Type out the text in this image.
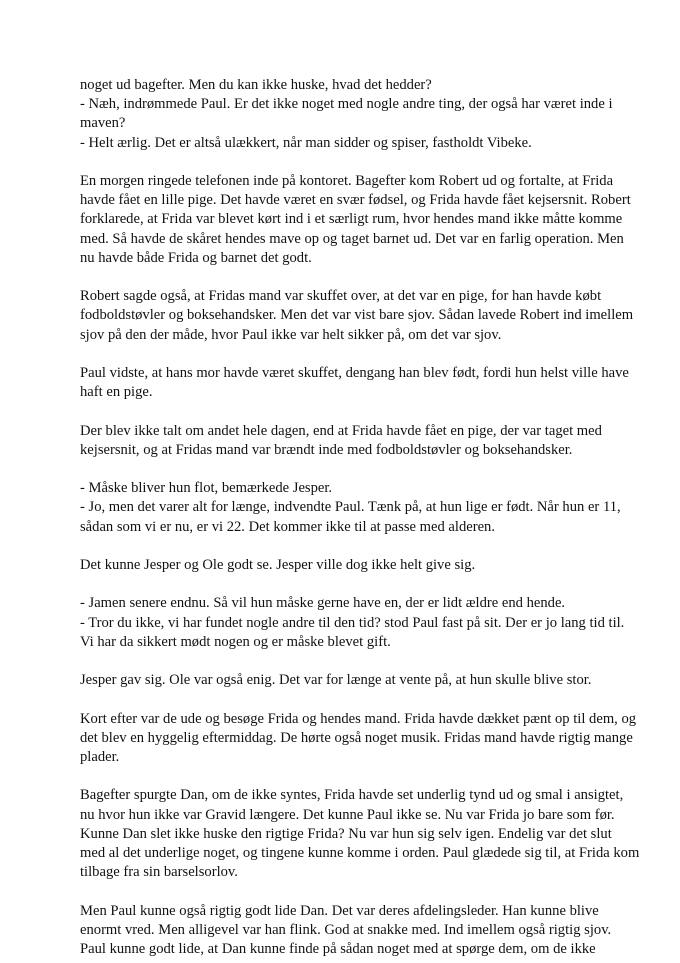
noget ud bagefter. Men du kan ikke huske, hvad det hedder?
- Næh, indrømmede Paul. Er det ikke noget med nogle andre ting, der også har været inde i
maven?
- Helt ærlig. Det er altså ulækkert, når man sidder og spiser, fastholdt Vibeke.

En morgen ringede telefonen inde på kontoret. Bagefter kom Robert ud og fortalte, at Frida
havde fået en lille pige. Det havde været en svær fødsel, og Frida havde fået kejsersnit. Robert
forklarede, at Frida var blevet kørt ind i et særligt rum, hvor hendes mand ikke måtte komme
med. Så havde de skåret hendes mave op og taget barnet ud. Det var en farlig operation. Men
nu havde både Frida og barnet det godt.

Robert sagde også, at Fridas mand var skuffet over, at det var en pige, for han havde købt
fodboldstøvler og boksehandsker. Men det var vist bare sjov. Sådan lavede Robert ind imellem
sjov på den der måde, hvor Paul ikke var helt sikker på, om det var sjov.

Paul vidste, at hans mor havde været skuffet, dengang han blev født, fordi hun helst ville have
haft en pige.

Der blev ikke talt om andet hele dagen, end at Frida havde fået en pige, der var taget med
kejsersnit, og at Fridas mand var brændt inde med fodboldstøvler og boksehandsker.

- Måske bliver hun flot, bemærkede Jesper.
- Jo, men det varer alt for længe, indvendte Paul. Tænk på, at hun lige er født. Når hun er 11,
sådan som vi er nu, er vi 22. Det kommer ikke til at passe med alderen.

Det kunne Jesper og Ole godt se. Jesper ville dog ikke helt give sig.

- Jamen senere endnu. Så vil hun måske gerne have en, der er lidt ældre end hende.
- Tror du ikke, vi har fundet nogle andre til den tid? stod Paul fast på sit. Der er jo lang tid til.
Vi har da sikkert mødt nogen og er måske blevet gift.

Jesper gav sig. Ole var også enig. Det var for længe at vente på, at hun skulle blive stor.

Kort efter var de ude og besøge Frida og hendes mand. Frida havde dækket pænt op til dem, og
det blev en hyggelig eftermiddag. De hørte også noget musik. Fridas mand havde rigtig mange
plader.

Bagefter spurgte Dan, om de ikke syntes, Frida havde set underlig tynd ud og smal i ansigtet,
nu hvor hun ikke var Gravid længere. Det kunne Paul ikke se. Nu var Frida jo bare som før.
Kunne Dan slet ikke huske den rigtige Frida? Nu var hun sig selv igen. Endelig var det slut
med al det underlige noget, og tingene kunne komme i orden. Paul glædede sig til, at Frida kom
tilbage fra sin barselsorlov.

Men Paul kunne også rigtig godt lide Dan. Det var deres afdelingsleder. Han kunne blive
enormt vred. Men alligevel var han flink. God at snakke med. Ind imellem også rigtig sjov.
Paul kunne godt lide, at Dan kunne finde på sådan noget med at spørge dem, om de ikke
